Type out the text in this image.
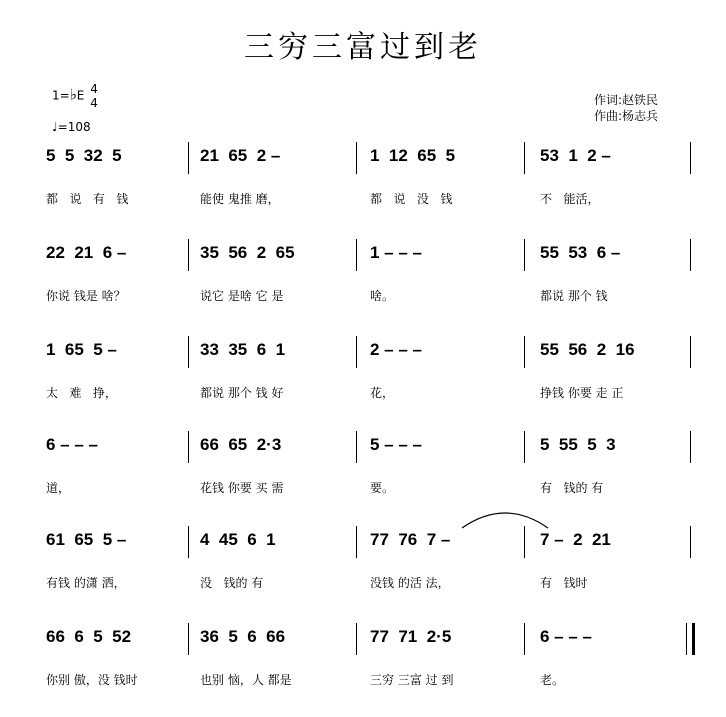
三穷三富过到老
1=♭E 4
4
♩=108
作词:赵铁民
作曲:杨志兵
5  5  32  5
都   说   有   钱
21  65  2 –
能使 鬼推 磨，
1  12  65  5
都   说   没   钱
53  1  2 –
不   能活，
22  21  6 –
你说 钱是 啥？
35  56  2  65
说它 是啥 它 是
1 – – –
啥。
55  53  6 –
都说 那个 钱
1  65  5 –
太   难   挣，
33  35  6  1
都说 那个 钱 好
2 – – –
花，
55  56  2  16
挣钱 你要 走 正
6 – – –
道，
66  65  2·3
花钱 你要 买 需
5 – – –
要。
5  55  5  3
有   钱的 有
61  65  5 –
有钱 的潇 洒，
4  45  6  1
没   钱的 有
77  76  7 –
没钱 的活 法，
7 –  2  21
有   钱时
66  6  5  52
你别 傲，没 钱时
36  5  6  66
也别 恼，人 都是
77  71  2·5
三穷 三富 过 到
6 – – –
老。
